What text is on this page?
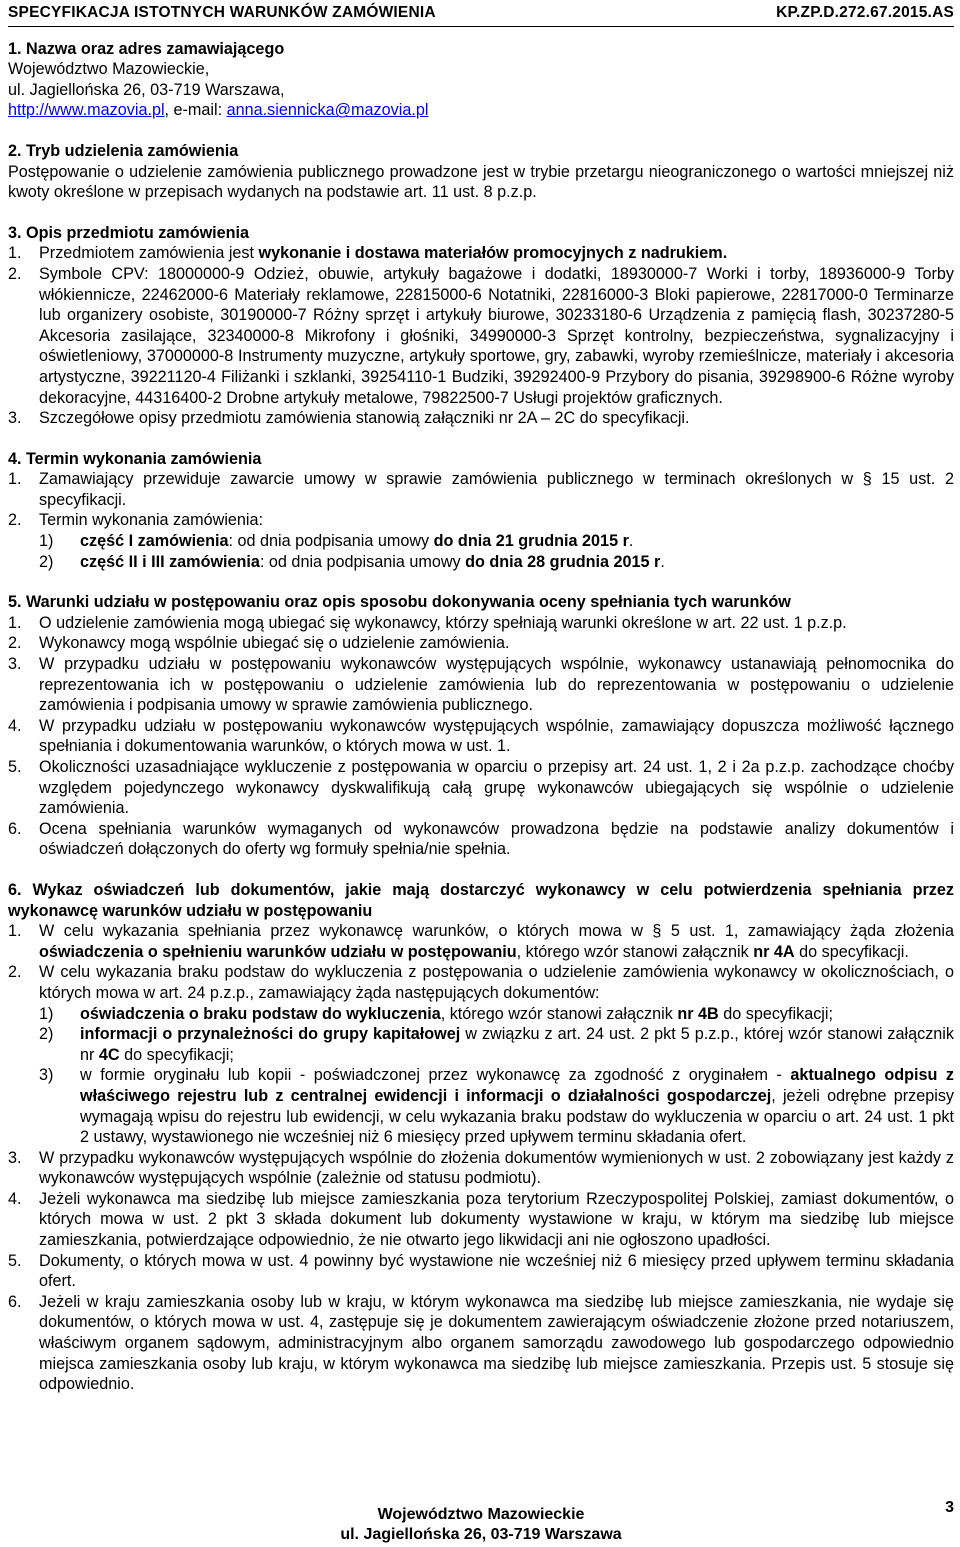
SPECYFIKACJA ISTOTNYCH WARUNKÓW ZAMÓWIENIA	KP.ZP.D.272.67.2015.AS

1. Nazwa oraz adres zamawiającego

Województwo Mazowieckie,

ul. Jagiellońska 26, 03-719 Warszawa,

http://www.mazovia.pl, e-mail: anna.siennicka@mazovia.pl

2. Tryb udzielenia zamówienia

Postępowanie o udzielenie zamówienia publicznego prowadzone jest w trybie przetargu nieograniczonego o wartości mniejszej niż kwoty określone w przepisach wydanych na podstawie art. 11 ust. 8 p.z.p.

3. Opis przedmiotu zamówienia

1.	Przedmiotem zamówienia jest wykonanie i dostawa materiałów promocyjnych z nadrukiem.
2.	Symbole CPV: 18000000-9 Odzież, obuwie, artykuły bagażowe i dodatki, 18930000-7 Worki i torby, 18936000-9 Torby włókiennicze, 22462000-6 Materiały reklamowe, 22815000-6 Notatniki, 22816000-3 Bloki papierowe, 22817000-0 Terminarze lub organizery osobiste, 30190000-7 Różny sprzęt i artykuły biurowe, 30233180-6 Urządzenia z pamięcią flash, 30237280-5 Akcesoria zasilające, 32340000-8 Mikrofony i głośniki, 34990000-3 Sprzęt kontrolny, bezpieczeństwa, sygnalizacyjny i oświetleniowy, 37000000-8 Instrumenty muzyczne, artykuły sportowe, gry, zabawki, wyroby rzemieślnicze, materiały i akcesoria artystyczne, 39221120-4 Filiżanki i szklanki, 39254110-1 Budziki, 39292400-9 Przybory do pisania, 39298900-6 Różne wyroby dekoracyjne, 44316400-2 Drobne artykuły metalowe, 79822500-7 Usługi projektów graficznych.
3.	Szczegółowe opisy przedmiotu zamówienia stanowią załączniki nr 2A – 2C do specyfikacji.

4. Termin wykonania zamówienia

1.	Zamawiający przewiduje zawarcie umowy w sprawie zamówienia publicznego w terminach określonych w § 15 ust. 2 specyfikacji.
2.	Termin wykonania zamówienia:
1)	część I zamówienia: od dnia podpisania umowy do dnia 21 grudnia 2015 r.
2)	część II i III zamówienia: od dnia podpisania umowy do dnia 28 grudnia 2015 r.

5. Warunki udziału w postępowaniu oraz opis sposobu dokonywania oceny spełniania tych warunków

1.	O udzielenie zamówienia mogą ubiegać się wykonawcy, którzy spełniają warunki określone w art. 22 ust. 1 p.z.p.
2.	Wykonawcy mogą wspólnie ubiegać się o udzielenie zamówienia.
3.	W przypadku udziału w postępowaniu wykonawców występujących wspólnie, wykonawcy ustanawiają pełnomocnika do reprezentowania ich w postępowaniu o udzielenie zamówienia lub do reprezentowania w postępowaniu o udzielenie zamówienia i podpisania umowy w sprawie zamówienia publicznego.
4.	W przypadku udziału w postępowaniu wykonawców występujących wspólnie, zamawiający dopuszcza możliwość łącznego spełniania i dokumentowania warunków, o których mowa w ust. 1.
5.	Okoliczności uzasadniające wykluczenie z postępowania w oparciu o przepisy art. 24 ust. 1, 2 i 2a p.z.p. zachodzące choćby względem pojedynczego wykonawcy dyskwalifikują całą grupę wykonawców ubiegających się wspólnie o udzielenie zamówienia.
6.	Ocena spełniania warunków wymaganych od wykonawców prowadzona będzie na podstawie analizy dokumentów i oświadczeń dołączonych do oferty wg formuły spełnia/nie spełnia.

6. Wykaz oświadczeń lub dokumentów, jakie mają dostarczyć wykonawcy w celu potwierdzenia spełniania przez wykonawcę warunków udziału w postępowaniu

1.	W celu wykazania spełniania przez wykonawcę warunków, o których mowa w § 5 ust. 1, zamawiający żąda złożenia oświadczenia o spełnieniu warunków udziału w postępowaniu, którego wzór stanowi załącznik nr 4A do specyfikacji.
2.	W celu wykazania braku podstaw do wykluczenia z postępowania o udzielenie zamówienia wykonawcy w okolicznościach, o których mowa w art. 24 p.z.p., zamawiający żąda następujących dokumentów:
1)	oświadczenia o braku podstaw do wykluczenia, którego wzór stanowi załącznik nr 4B do specyfikacji;
2)	informacji o przynależności do grupy kapitałowej w związku z art. 24 ust. 2 pkt 5 p.z.p., której wzór stanowi załącznik nr 4C do specyfikacji;
3)	w formie oryginału lub kopii - poświadczonej przez wykonawcę za zgodność z oryginałem - aktualnego odpisu z właściwego rejestru lub z centralnej ewidencji i informacji o działalności gospodarczej, jeżeli odrębne przepisy wymagają wpisu do rejestru lub ewidencji, w celu wykazania braku podstaw do wykluczenia w oparciu o art. 24 ust. 1 pkt 2 ustawy, wystawionego nie wcześniej niż 6 miesięcy przed upływem terminu składania ofert.
3.	W przypadku wykonawców występujących wspólnie do złożenia dokumentów wymienionych w ust. 2 zobowiązany jest każdy z wykonawców występujących wspólnie (zależnie od statusu podmiotu).
4.	Jeżeli wykonawca ma siedzibę lub miejsce zamieszkania poza terytorium Rzeczypospolitej Polskiej, zamiast dokumentów, o których mowa w ust. 2 pkt 3 składa dokument lub dokumenty wystawione w kraju, w którym ma siedzibę lub miejsce zamieszkania, potwierdzające odpowiednio, że nie otwarto jego likwidacji ani nie ogłoszono upadłości.
5.	Dokumenty, o których mowa w ust. 4 powinny być wystawione nie wcześniej niż 6 miesięcy przed upływem terminu składania ofert.
6.	Jeżeli w kraju zamieszkania osoby lub w kraju, w którym wykonawca ma siedzibę lub miejsce zamieszkania, nie wydaje się dokumentów, o których mowa w ust. 4, zastępuje się je dokumentem zawierającym oświadczenie złożone przed notariuszem, właściwym organem sądowym, administracyjnym albo organem samorządu zawodowego lub gospodarczego odpowiednio miejsca zamieszkania osoby lub kraju, w którym wykonawca ma siedzibę lub miejsce zamieszkania. Przepis ust. 5 stosuje się odpowiednio.
Województwo Mazowieckie
ul. Jagiellońska 26, 03-719 Warszawa
3
